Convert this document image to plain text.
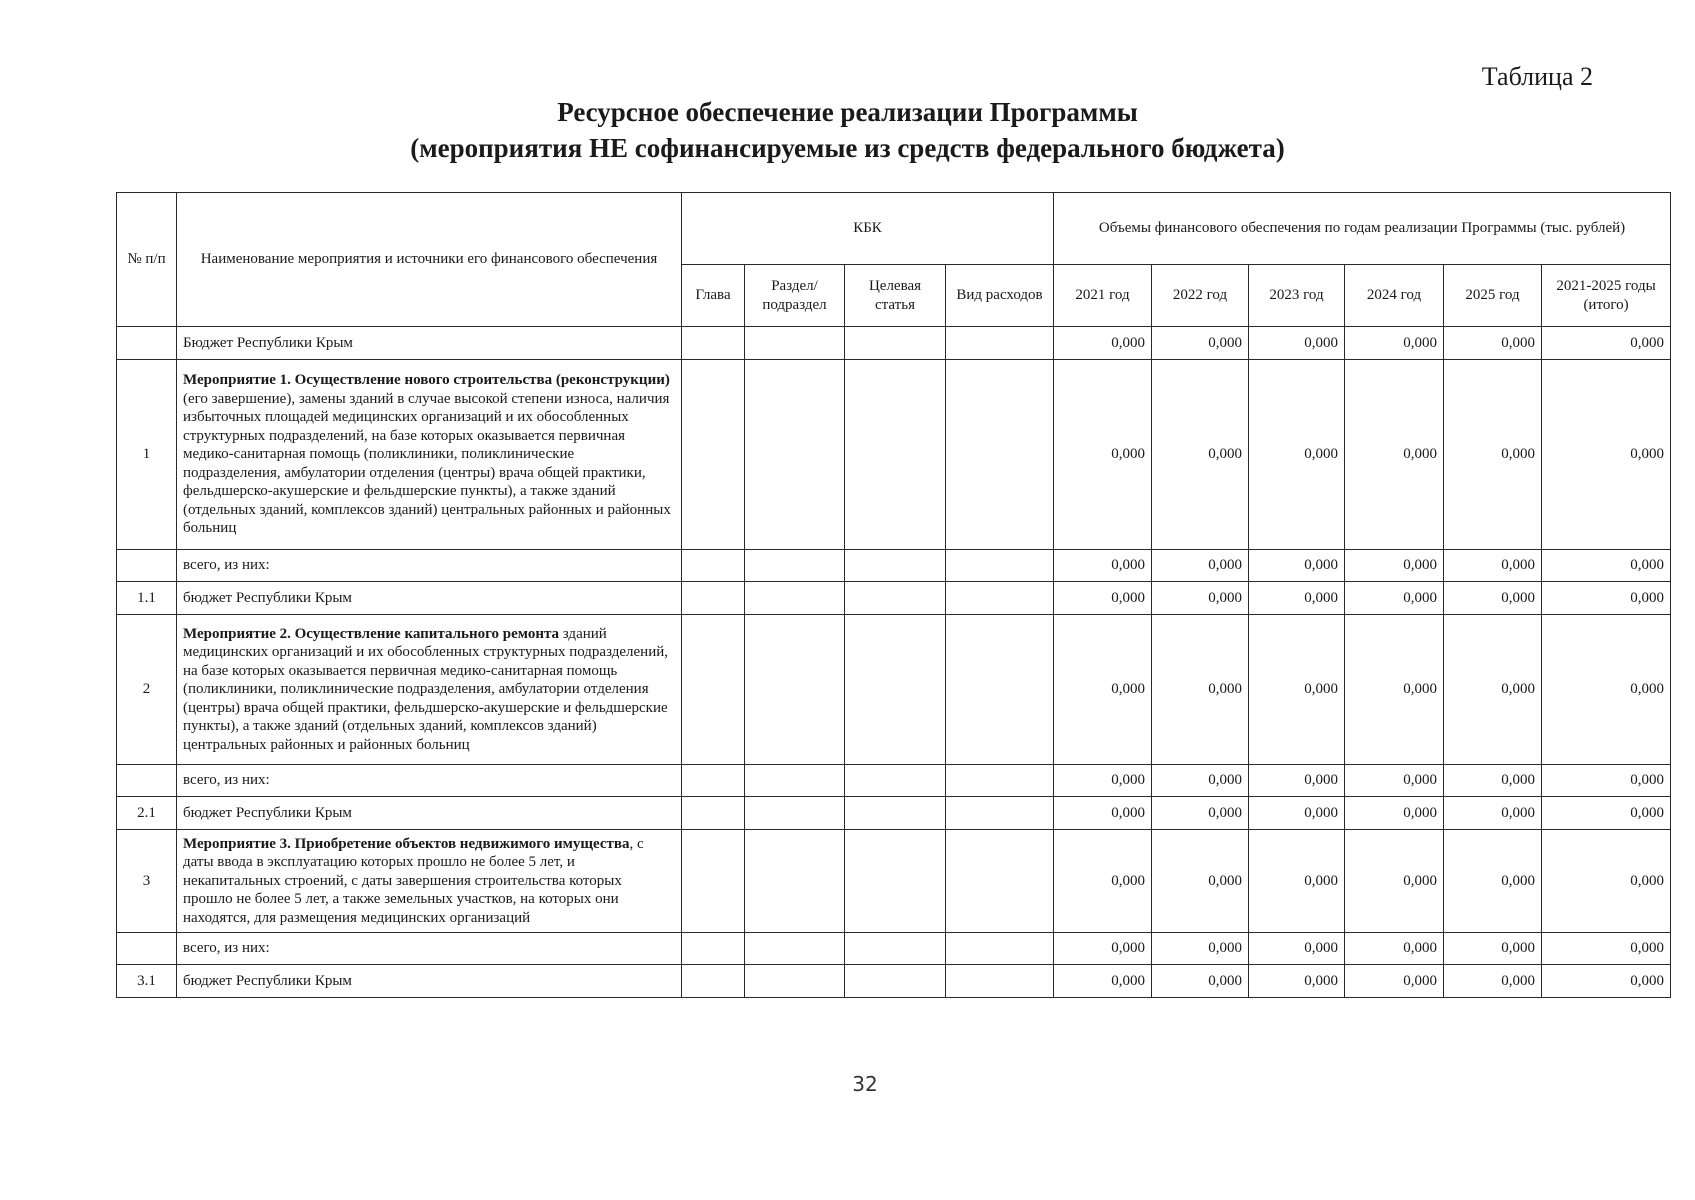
Таблица 2
Ресурсное обеспечение реализации Программы
(мероприятия НЕ софинансируемые из средств федерального бюджета)
№ п/п	Наименование мероприятия и источники его финансового обеспечения	КБК				Объемы финансового обеспечения по годам реализации Программы (тыс. рублей)					
		Глава	Раздел/ подраздел	Целевая статья	Вид расходов	2021 год	2022 год	2023 год	2024 год	2025 год	2021-2025 годы (итого)
	Бюджет Республики Крым					0,000	0,000	0,000	0,000	0,000	0,000
1	Мероприятие 1. Осуществление нового строительства (реконструкции) (его завершение), замены зданий в случае высокой степени износа, наличия избыточных площадей медицинских организаций и их обособленных структурных подразделений, на базе которых оказывается первичная медико-санитарная помощь (поликлиники, поликлинические подразделения, амбулатории отделения (центры) врача общей практики, фельдшерско-акушерские и фельдшерские пункты), а также зданий (отдельных зданий, комплексов зданий) центральных районных и районных больниц					0,000	0,000	0,000	0,000	0,000	0,000
	всего, из них:					0,000	0,000	0,000	0,000	0,000	0,000
1.1	бюджет Республики Крым					0,000	0,000	0,000	0,000	0,000	0,000
2	Мероприятие 2. Осуществление капитального ремонта зданий медицинских организаций и их обособленных структурных подразделений, на базе которых оказывается первичная медико-санитарная помощь (поликлиники, поликлинические подразделения, амбулатории отделения (центры) врача общей практики, фельдшерско-акушерские и фельдшерские пункты), а также зданий (отдельных зданий, комплексов зданий) центральных районных и районных больниц					0,000	0,000	0,000	0,000	0,000	0,000
	всего, из них:					0,000	0,000	0,000	0,000	0,000	0,000
2.1	бюджет Республики Крым					0,000	0,000	0,000	0,000	0,000	0,000
3	Мероприятие 3. Приобретение объектов недвижимого имущества, с даты ввода в эксплуатацию которых прошло не более 5 лет, и некапитальных строений, с даты завершения строительства которых прошло не более 5 лет, а также земельных участков, на которых они находятся, для размещения медицинских организаций					0,000	0,000	0,000	0,000	0,000	0,000
	всего, из них:					0,000	0,000	0,000	0,000	0,000	0,000
3.1	бюджет Республики Крым					0,000	0,000	0,000	0,000	0,000	0,000
32
